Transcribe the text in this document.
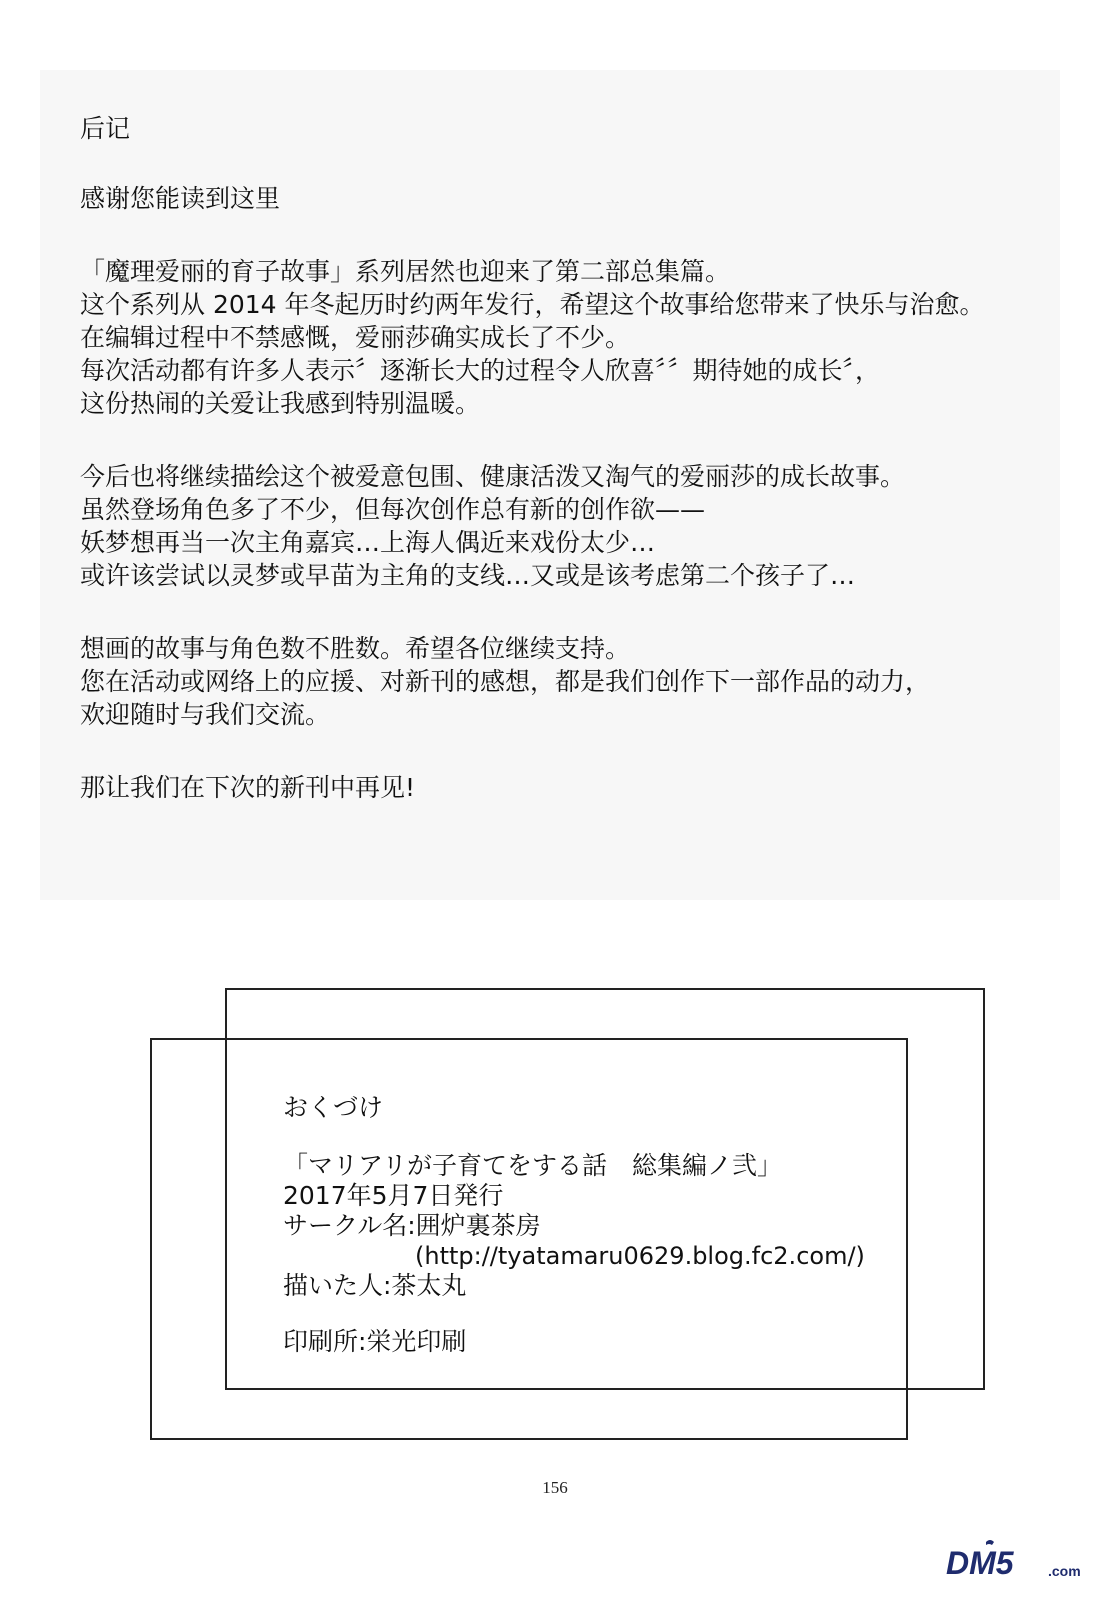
后记
感谢您能读到这里
「魔理爱丽的育子故事」系列居然也迎来了第二部总集篇。
这个系列从 2014 年冬起历时约两年发行，希望这个故事给您带来了快乐与治愈。
在编辑过程中不禁感慨，爱丽莎确实成长了不少。
每次活动都有许多人表示〞逐渐长大的过程令人欣喜〞〞期待她的成长〞，
这份热闹的关爱让我感到特别温暖。
今后也将继续描绘这个被爱意包围、健康活泼又淘气的爱丽莎的成长故事。
虽然登场角色多了不少，但每次创作总有新的创作欲——
妖梦想再当一次主角嘉宾…上海人偶近来戏份太少…
或许该尝试以灵梦或早苗为主角的支线…又或是该考虑第二个孩子了…
想画的故事与角色数不胜数。希望各位继续支持。
您在活动或网络上的应援、对新刊的感想，都是我们创作下一部作品的动力，
欢迎随时与我们交流。
那让我们在下次的新刊中再见!
おくづけ
「マリアリが子育てをする話　総集編ノ弐」
2017年5月7日発行
サークル名:囲炉裏茶房
(http://tyatamaru0629.blog.fc2.com/)
描いた人:茶太丸
印刷所:栄光印刷
156
DM5 .com
